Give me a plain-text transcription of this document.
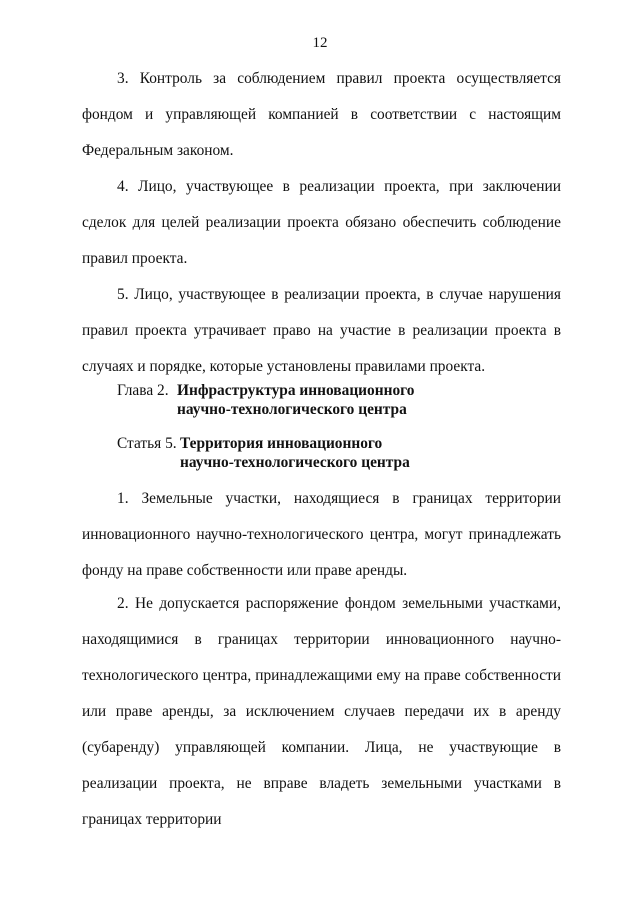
12

3. Контроль за соблюдением правил проекта осуществляется фондом и управляющей компанией в соответствии с настоящим Федеральным законом.

4. Лицо, участвующее в реализации проекта, при заключении сделок для целей реализации проекта обязано обеспечить соблюдение правил проекта.

5. Лицо, участвующее в реализации проекта, в случае нарушения правил проекта утрачивает право на участие в реализации проекта в случаях и порядке, которые установлены правилами проекта.

Глава 2. Инфраструктура инновационного
научно-технологического центра
Статья 5. Территория инновационного
научно-технологического центра

1. Земельные участки, находящиеся в границах территории инновационного научно-технологического центра, могут принадлежать фонду на праве собственности или праве аренды.

2. Не допускается распоряжение фондом земельными участками, находящимися в границах территории инновационного научно-технологического центра, принадлежащими ему на праве собственности или праве аренды, за исключением случаев передачи их в аренду (субаренду) управляющей компании. Лица, не участвующие в реализации проекта, не вправе владеть земельными участками в границах территории
